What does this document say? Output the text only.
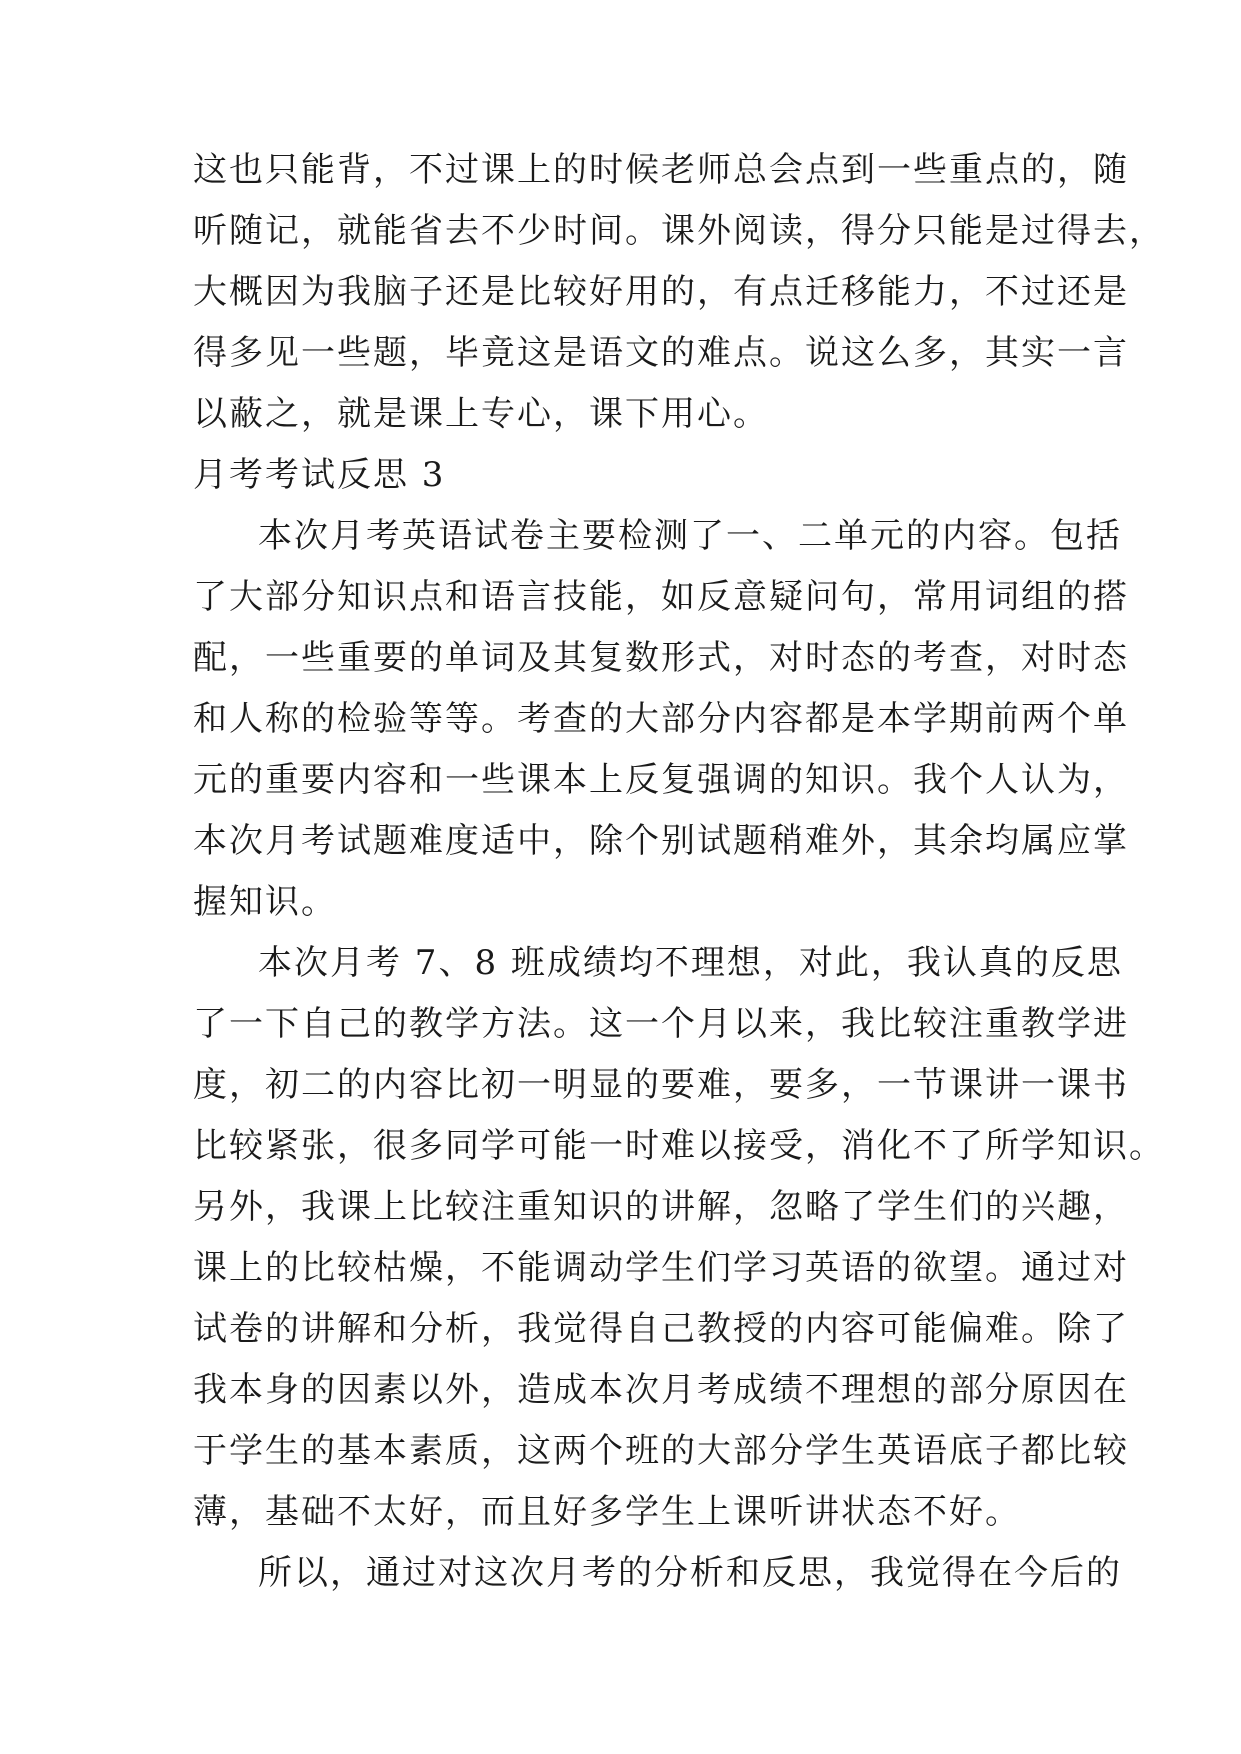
这也只能背，不过课上的时候老师总会点到一些重点的，随
听随记，就能省去不少时间。课外阅读，得分只能是过得去，
大概因为我脑子还是比较好用的，有点迁移能力，不过还是
得多见一些题，毕竟这是语文的难点。说这么多，其实一言
以蔽之，就是课上专心，课下用心。
月考考试反思 3
本次月考英语试卷主要检测了一、二单元的内容。包括
了大部分知识点和语言技能，如反意疑问句，常用词组的搭
配，一些重要的单词及其复数形式，对时态的考查，对时态
和人称的检验等等。考查的大部分内容都是本学期前两个单
元的重要内容和一些课本上反复强调的知识。我个人认为，
本次月考试题难度适中，除个别试题稍难外，其余均属应掌
握知识。
本次月考 7、8 班成绩均不理想，对此，我认真的反思
了一下自己的教学方法。这一个月以来，我比较注重教学进
度，初二的内容比初一明显的要难，要多，一节课讲一课书
比较紧张，很多同学可能一时难以接受，消化不了所学知识。
另外，我课上比较注重知识的讲解，忽略了学生们的兴趣，
课上的比较枯燥，不能调动学生们学习英语的欲望。通过对
试卷的讲解和分析，我觉得自己教授的内容可能偏难。除了
我本身的因素以外，造成本次月考成绩不理想的部分原因在
于学生的基本素质，这两个班的大部分学生英语底子都比较
薄，基础不太好，而且好多学生上课听讲状态不好。
所以，通过对这次月考的分析和反思，我觉得在今后的
